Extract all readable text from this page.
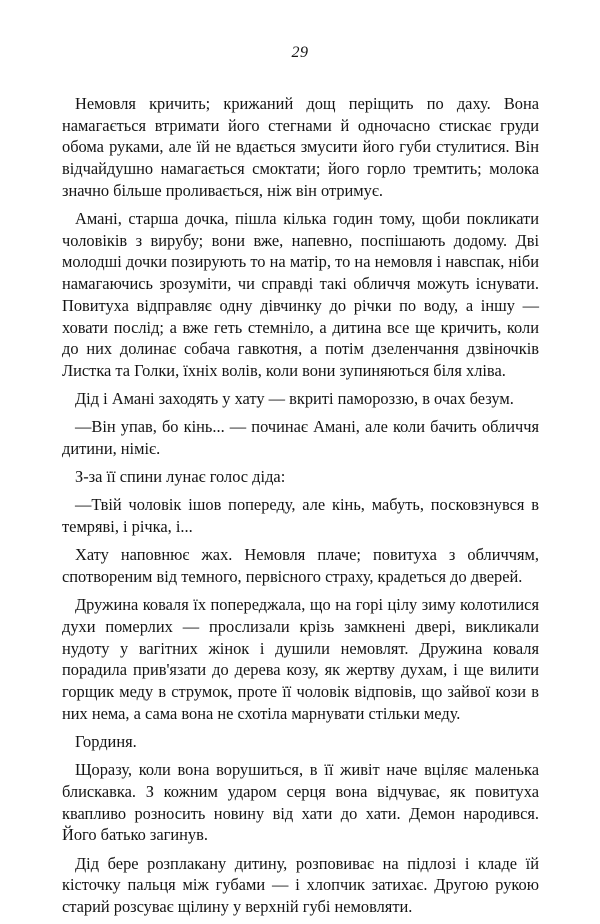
29

Немовля кричить; крижаний дощ періщить по даху. Вона намагається втримати його стегнами й одночасно стискає груди обома руками, але їй не вдається змусити його губи стулитися. Він відчайдушно намагається смоктати; його горло тремтить; молока значно більше проливається, ніж він отримує.

Амані, старша дочка, пішла кілька годин тому, щоби покликати чоловіків з вирубу; вони вже, напевно, поспішають додому. Дві молодші дочки позирують то на матір, то на немовля і навспак, ніби намагаючись зрозуміти, чи справді такі обличчя можуть існувати. Повитуха відправляє одну дівчинку до річки по воду, а іншу — ховати послід; а вже геть стемніло, а дитина все ще кричить, коли до них долинає собача гавкотня, а потім дзеленчання дзвіночків Листка та Голки, їхніх волів, коли вони зупиняються біля хліва.

Дід і Амані заходять у хату — вкриті памороззю, в очах безум.

—Він упав, бо кінь... — починає Амані, але коли бачить обличчя дитини, німіє.

З-за її спини лунає голос діда:

—Твій чоловік ішов попереду, але кінь, мабуть, посковзнувся в темряві, і річка, і...

Хату наповнює жах. Немовля плаче; повитуха з обличчям, спотвореним від темного, первісного страху, крадеться до дверей.

Дружина коваля їх попереджала, що на горі цілу зиму колотилися духи померлих — прослизали крізь замкнені двері, викликали нудоту у вагітних жінок і душили немовлят. Дружина коваля порадила прив'язати до дерева козу, як жертву духам, і ще вилити горщик меду в струмок, проте її чоловік відповів, що зайвої кози в них нема, а сама вона не схотіла марнувати стільки меду.

Гординя.

Щоразу, коли вона ворушиться, в її живіт наче вціляє маленька блискавка. З кожним ударом серця вона відчуває, як повитуха квапливо розносить новину від хати до хати. Демон народився. Його батько загинув.

Дід бере розплакану дитину, розповиває на підлозі і кладе їй кісточку пальця між губами — і хлопчик затихає. Другою рукою старий розсуває щілину у верхній губі немовляти.
